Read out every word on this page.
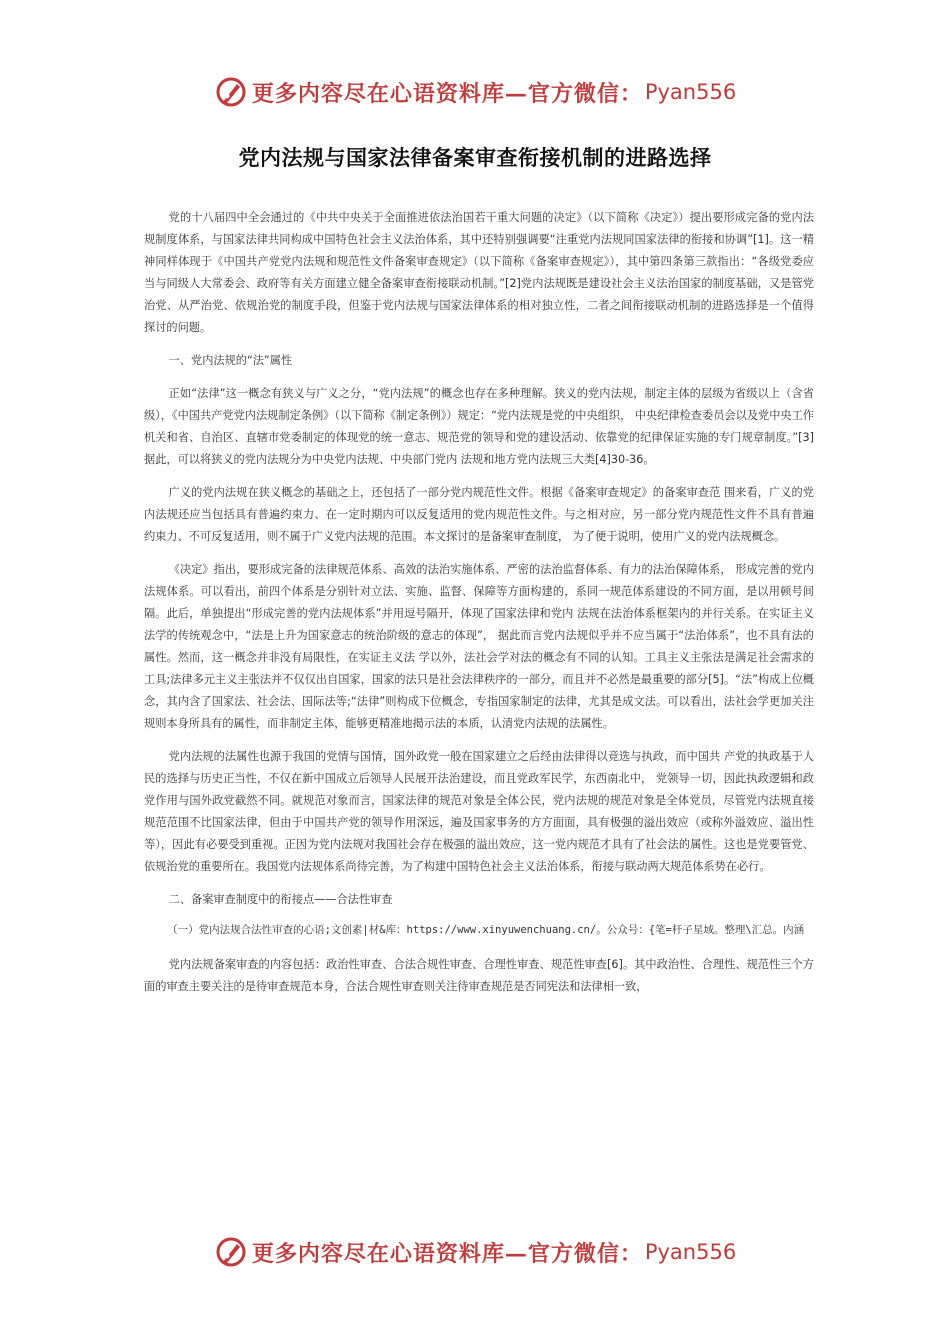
更多内容尽在心语资料库—官方微信： Pyan556
党内法规与国家法律备案审查衔接机制的进路选择

党的十八届四中全会通过的《中共中央关于全面推进依法治国若干重大问题的决定》（以下简称《决定》）提出要形成完备的党内法规制度体系，与国家法律共同构成中国特色社会主义法治体系，其中还特别强调要“注重党内法规同国家法律的衔接和协调”[1]。这一精神同样体现于《中国共产党党内法规和规范性文件备案审查规定》（以下简称《备案审查规定》），其中第四条第三款指出：“各级党委应当与同级人大常委会、政府等有关方面建立健全备案审查衔接联动机制。”[2]党内法规既是建设社会主义法治国家的制度基础，又是管党治党、从严治党、依规治党的制度手段，但鉴于党内法规与国家法律体系的相对独立性，二者之间衔接联动机制的进路选择是一个值得探讨的问题。

一、党内法规的“法”属性

正如“法律”这一概念有狭义与广义之分，“党内法规”的概念也存在多种理解。狭义的党内法规，制定主体的层级为省级以上（含省级），《中国共产党党内法规制定条例》（以下简称《制定条例》）规定：“党内法规是党的中央组织， 中央纪律检查委员会以及党中央工作机关和省、自治区、直辖市党委制定的体现党的统一意志、规范党的领导和党的建设活动、依靠党的纪律保证实施的专门规章制度。”[3]据此，可以将狭义的党内法规分为中央党内法规、中央部门党内 法规和地方党内法规三大类[4]30-36。

广义的党内法规在狭义概念的基础之上，还包括了一部分党内规范性文件。根据《备案审查规定》的备案审查范 围来看，广义的党内法规还应当包括具有普遍约束力、在一定时期内可以反复适用的党内规范性文件。与之相对应，另一部分党内规范性文件不具有普遍约束力、不可反复适用，则不属于广义党内法规的范围。本文探讨的是备案审查制度， 为了便于说明，使用广义的党内法规概念。

《决定》指出，要形成完备的法律规范体系、高效的法治实施体系、严密的法治监督体系、有力的法治保障体系， 形成完善的党内法规体系。可以看出，前四个体系是分别针对立法、实施、监督、保障等方面构建的，系同一规范体系建设的不同方面，是以用顿号间隔。此后，单独提出“形成完善的党内法规体系”并用逗号隔开，体现了国家法律和党内 法规在法治体系框架内的并行关系。在实证主义法学的传统观念中，“法是上升为国家意志的统治阶级的意志的体现”， 据此而言党内法规似乎并不应当属于“法治体系”，也不具有法的属性。然而，这一概念并非没有局限性，在实证主义法 学以外，法社会学对法的概念有不同的认知。工具主义主张法是满足社会需求的工具;法律多元主义主张法并不仅仅出自国家，国家的法只是社会法律秩序的一部分，而且并不必然是最重要的部分[5]。“法”构成上位概念，其内含了国家法、社会法、国际法等;“法律”则构成下位概念，专指国家制定的法律，尤其是成文法。可以看出，法社会学更加关注规则本身所具有的属性，而非制定主体，能够更精准地揭示法的本质，认清党内法规的法属性。

党内法规的法属性也源于我国的党情与国情，国外政党一般在国家建立之后经由法律得以竞选与执政，而中国共 产党的执政基于人民的选择与历史正当性，不仅在新中国成立后领导人民展开法治建设，而且党政军民学，东西南北中， 党领导一切，因此执政逻辑和政党作用与国外政党截然不同。就规范对象而言，国家法律的规范对象是全体公民，党内法规的规范对象是全体党员，尽管党内法规直接规范范围不比国家法律，但由于中国共产党的领导作用深远，遍及国家事务的方方面面，具有极强的溢出效应（或称外溢效应、溢出性等），因此有必要受到重视。正因为党内法规对我国社会存在极强的溢出效应，这一党内规范才具有了社会法的属性。这也是党要管党、依规治党的重要所在。我国党内法规体系尚待完善，为了构建中国特色社会主义法治体系，衔接与联动两大规范体系势在必行。

二、备案审查制度中的衔接点——合法性审查

（一）党内法规合法性审查的心语;文创素|材&库：https://www.xinyuwenchuang.cn/。公众号：{笔=杆子星域。整理\汇总。内涵

党内法规备案审查的内容包括：政治性审查、合法合规性审查、合理性审查、规范性审查[6]。其中政治性、合理性、规范性三个方面的审查主要关注的是待审查规范本身，合法合规性审查则关注待审查规范是否同宪法和法律相一致，

更多内容尽在心语资料库—官方微信： Pyan556
